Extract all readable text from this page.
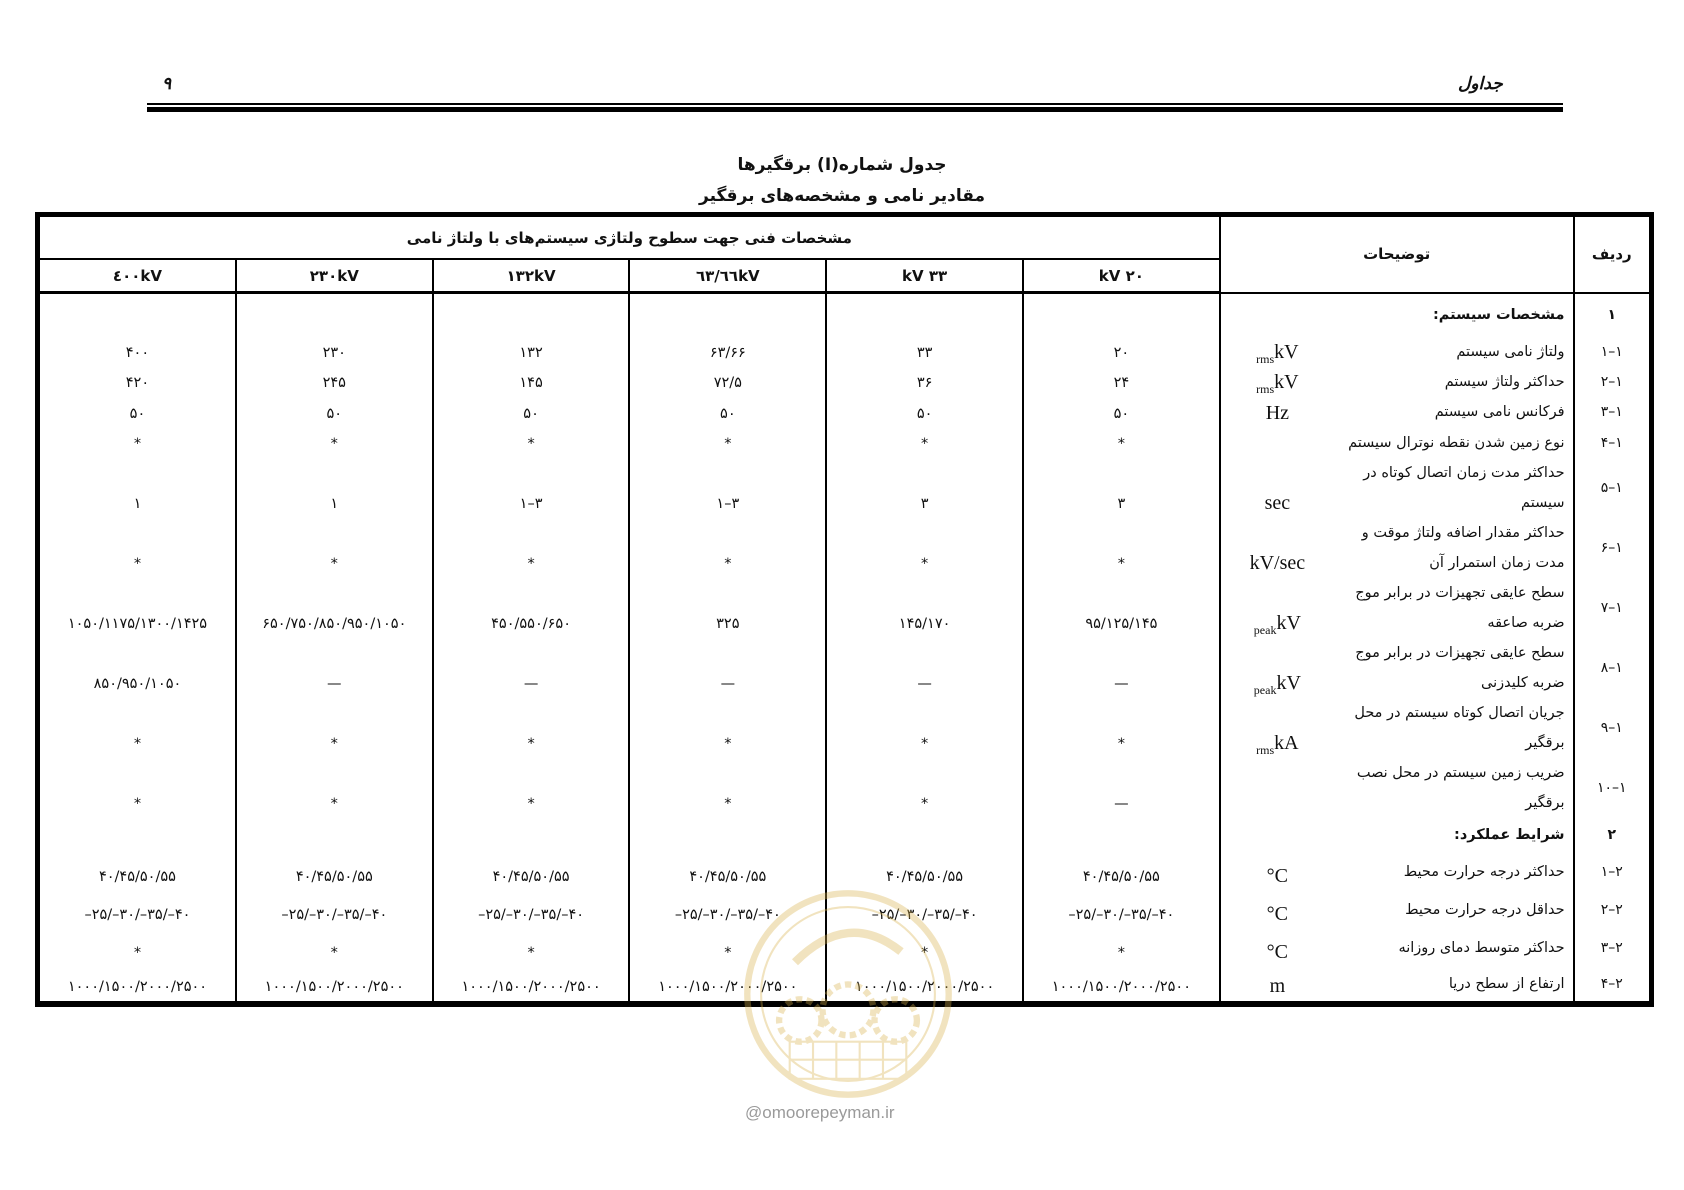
۹	جداول
جدول شماره(I) برقگیرها
مقادیر نامی و مشخصه‌های برقگیر
ردیف	توضیحات		مشخصات فنی جهت سطوح ولتاژی سیستم‌های با ولتاژ نامی					
			۲۰ kV	۳۳ kV	٦٣/٦٦kV	۱۳۲kV	۲۳۰kV	٤۰۰kV
۱	مشخصات سیستم:							
۱–۱	ولتاژ نامی سیستم	$kV_{rms}$	۲۰	۳۳	۶۳/۶۶	۱۳۲	۲۳۰	۴۰۰
۱–۲	حداکثر ولتاژ سیستم	$kV_{rms}$	۲۴	۳۶	۷۲/۵	۱۴۵	۲۴۵	۴۲۰
۱–۳	فرکانس نامی سیستم	Hz	۵۰	۵۰	۵۰	۵۰	۵۰	۵۰
۱–۴	نوع زمین شدن نقطه نوترال سیستم		*	*	*	*	*	*
۱–۵	حداکثر مدت زمان اتصال کوتاه در سیستم	sec	۳	۳	۱–۳	۱–۳	۱	۱
۱–۶	حداکثر مقدار اضافه ولتاژ موقت و مدت زمان استمرار آن	kV/sec	*	*	*	*	*	*
۱–۷	سطح عایقی تجهیزات در برابر موج ضربه صاعقه	$kV_{peak}$	۹۵/۱۲۵/۱۴۵	۱۴۵/۱۷۰	۳۲۵	۴۵۰/۵۵۰/۶۵۰	۶۵۰/۷۵۰/۸۵۰/۹۵۰/۱۰۵۰	۱۰۵۰/۱۱۷۵/۱۳۰۰/۱۴۲۵
۱–۸	سطح عایقی تجهیزات در برابر موج ضربه کلیدزنی	$kV_{peak}$	—	—	—	—	—	۸۵۰/۹۵۰/۱۰۵۰
۱–۹	جریان اتصال کوتاه سیستم در محل برقگیر	$kA_{rms}$	*	*	*	*	*	*
۱–۱۰	ضریب زمین سیستم در محل نصب برقگیر		—	*	*	*	*	*
۲	شرایط عملکرد:							
۲–۱	حداکثر درجه حرارت محیط	°C	۴۰/۴۵/۵۰/۵۵	۴۰/۴۵/۵۰/۵۵	۴۰/۴۵/۵۰/۵۵	۴۰/۴۵/۵۰/۵۵	۴۰/۴۵/۵۰/۵۵	۴۰/۴۵/۵۰/۵۵
۲–۲	حداقل درجه حرارت محیط	°C	–۲۵/–۳۰/–۳۵/–۴۰	–۲۵/–۳۰/–۳۵/–۴۰	–۲۵/–۳۰/–۳۵/–۴۰	–۲۵/–۳۰/–۳۵/–۴۰	–۲۵/–۳۰/–۳۵/–۴۰	–۲۵/–۳۰/–۳۵/–۴۰
۲–۳	حداکثر متوسط دمای روزانه	°C	*	*	*	*	*	*
۲–۴	ارتفاع از سطح دریا	m	۱۰۰۰/۱۵۰۰/۲۰۰۰/۲۵۰۰	۱۰۰۰/۱۵۰۰/۲۰۰۰/۲۵۰۰	۱۰۰۰/۱۵۰۰/۲۰۰۰/۲۵۰۰	۱۰۰۰/۱۵۰۰/۲۰۰۰/۲۵۰۰	۱۰۰۰/۱۵۰۰/۲۰۰۰/۲۵۰۰	۱۰۰۰/۱۵۰۰/۲۰۰۰/۲۵۰۰
@omoorepeyman.ir
